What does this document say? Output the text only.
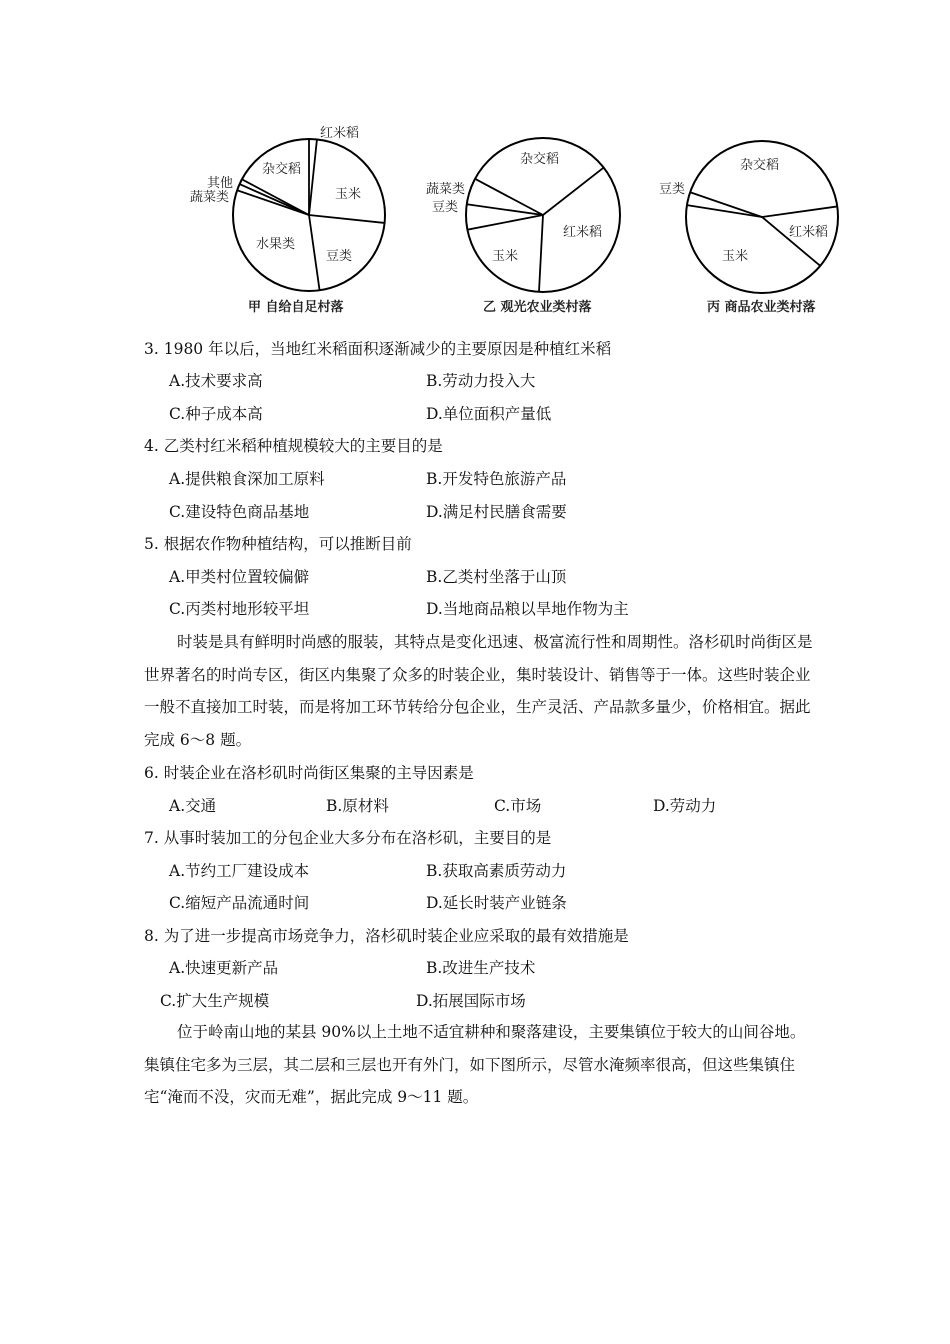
红米稻
玉米
豆类
水果类
蔬菜类
其他
杂交稻
甲 自给自足村落
杂交稻
红米稻
玉米
豆类
蔬菜类
乙 观光农业类村落
杂交稻
红米稻
玉米
豆类
丙 商品农业类村落
3. 1980 年以后，当地红米稻面积逐渐减少的主要原因是种植红米稻
A.技术要求高	B.劳动力投入大
C.种子成本高	D.单位面积产量低
4. 乙类村红米稻种植规模较大的主要目的是
A.提供粮食深加工原料	B.开发特色旅游产品
C.建设特色商品基地	D.满足村民膳食需要
5. 根据农作物种植结构，可以推断目前
A.甲类村位置较偏僻	B.乙类村坐落于山顶
C.丙类村地形较平坦	D.当地商品粮以旱地作物为主
时装是具有鲜明时尚感的服装，其特点是变化迅速、极富流行性和周期性。洛杉矶时尚街区是世界著名的时尚专区，街区内集聚了众多的时装企业，集时装设计、销售等于一体。这些时装企业一般不直接加工时装，而是将加工环节转给分包企业，生产灵活、产品款多量少，价格相宜。据此完成 6～8 题。
6. 时装企业在洛杉矶时尚街区集聚的主导因素是
A.交通	B.原材料	C.市场	D.劳动力
7. 从事时装加工的分包企业大多分布在洛杉矶，主要目的是
A.节约工厂建设成本	B.获取高素质劳动力
C.缩短产品流通时间	D.延长时装产业链条
8. 为了进一步提高市场竞争力，洛杉矶时装企业应采取的最有效措施是
A.快速更新产品	B.改进生产技术
C.扩大生产规模	D.拓展国际市场
位于岭南山地的某县 90%以上土地不适宜耕种和聚落建设，主要集镇位于较大的山间谷地。集镇住宅多为三层，其二层和三层也开有外门，如下图所示，尽管水淹频率很高，但这些集镇住宅“淹而不没，灾而无难”，据此完成 9～11 题。
